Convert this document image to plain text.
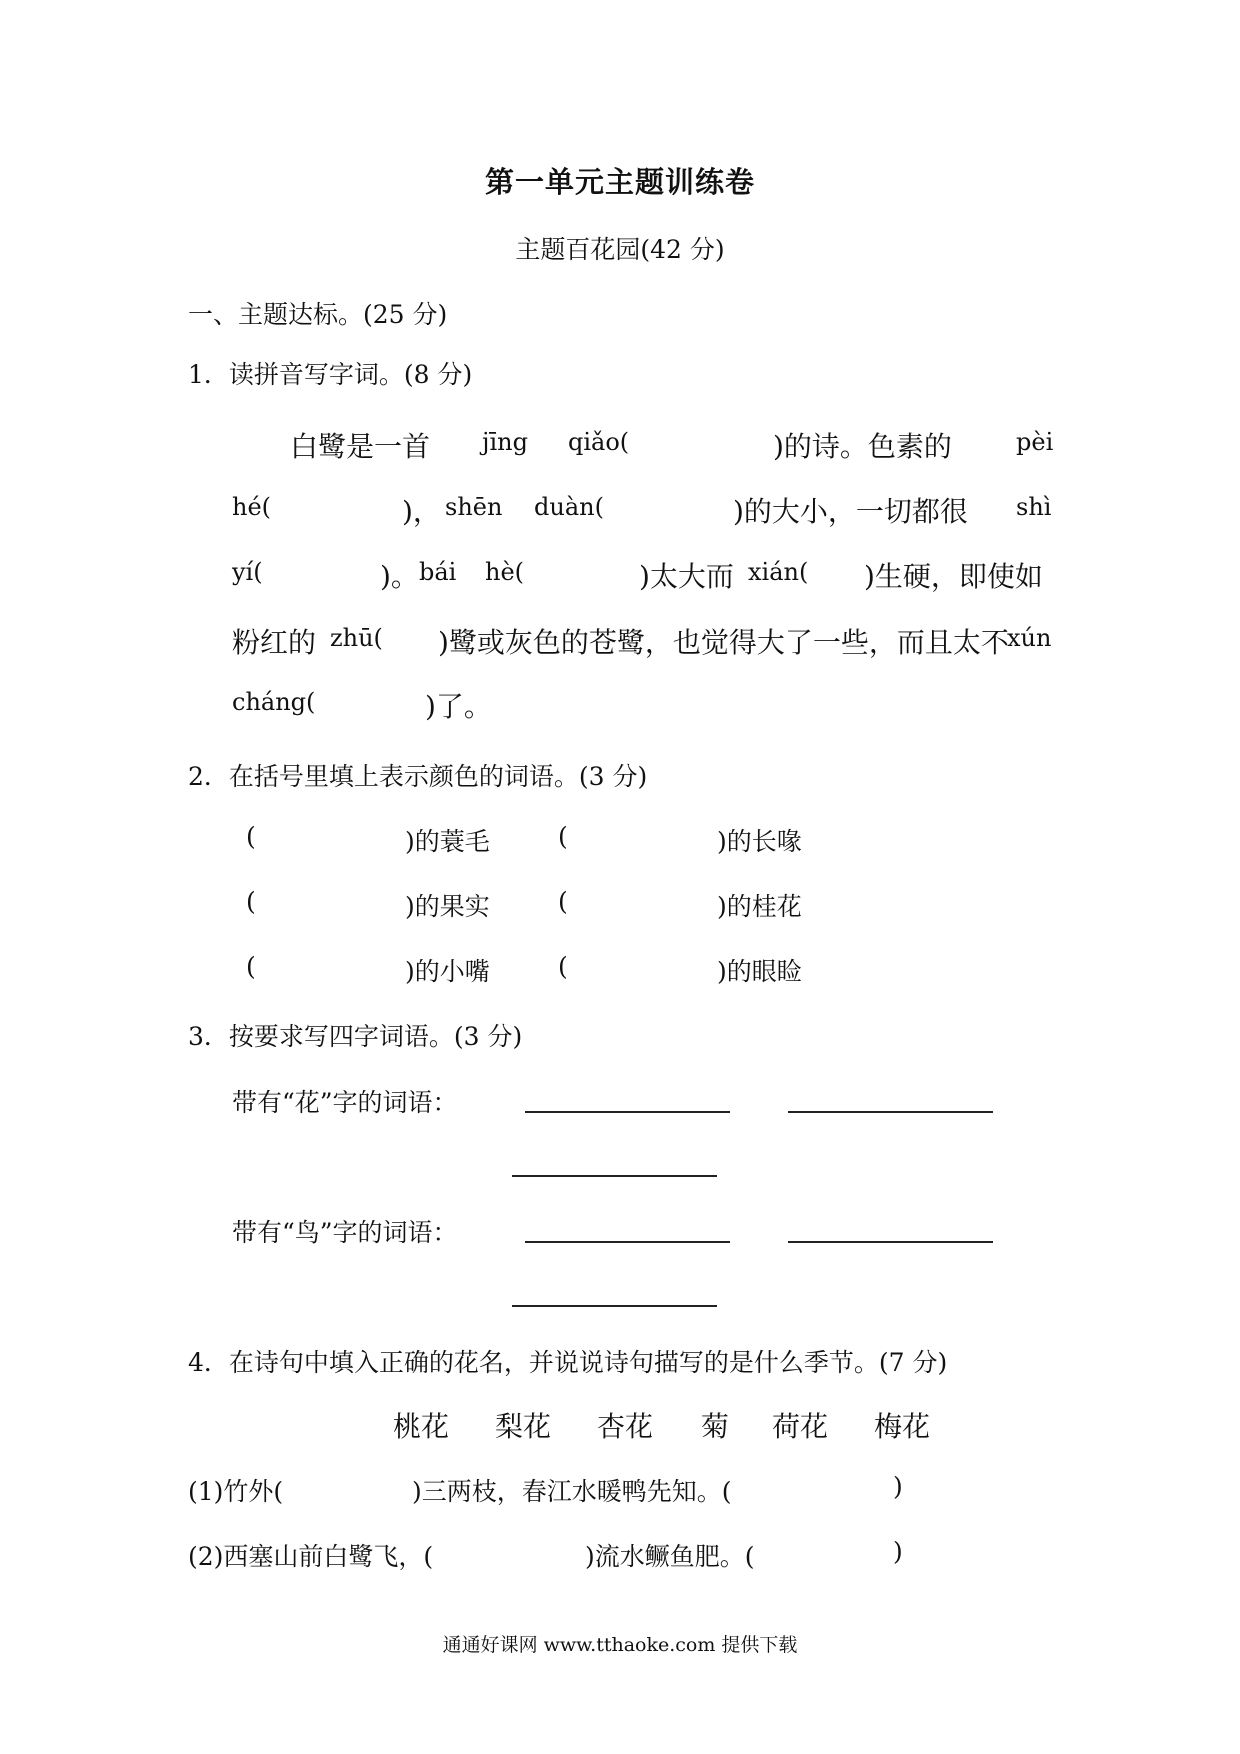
第一单元主题训练卷
主题百花园(42 分)
一、主题达标。(25 分)
1．读拼音写字词。(8 分)
白鹭是一首 jīng qiǎo(	)的诗。色素的	pèi
hé(	)， shēn duàn(	)的大小，一切都很 shì
yí(	)。 bái hè(	)太大而 xián( )生硬，即使如
粉红的 zhū( )鹭或灰色的苍鹭，也觉得大了一些，而且太不
xún
cháng(	)了。
2．在括号里填上表示颜色的词语。(3 分)
(	)的蓑毛	(	)的长喙
(	)的果实	(	)的桂花
(	)的小嘴	(	)的眼睑
3．按要求写四字词语。(3 分)
带有“花”字的词语：
带有“鸟”字的词语：
4．在诗句中填入正确的花名，并说说诗句描写的是什么季节。(7 分)
桃花 梨花 杏花 菊 荷花 梅花
(1)竹外(	)三两枝，春江水暖鸭先知。(	)
(2)西塞山前白鹭飞，(	)流水鳜鱼肥。(	)
通通好课网 www.tthaoke.com 提供下载
